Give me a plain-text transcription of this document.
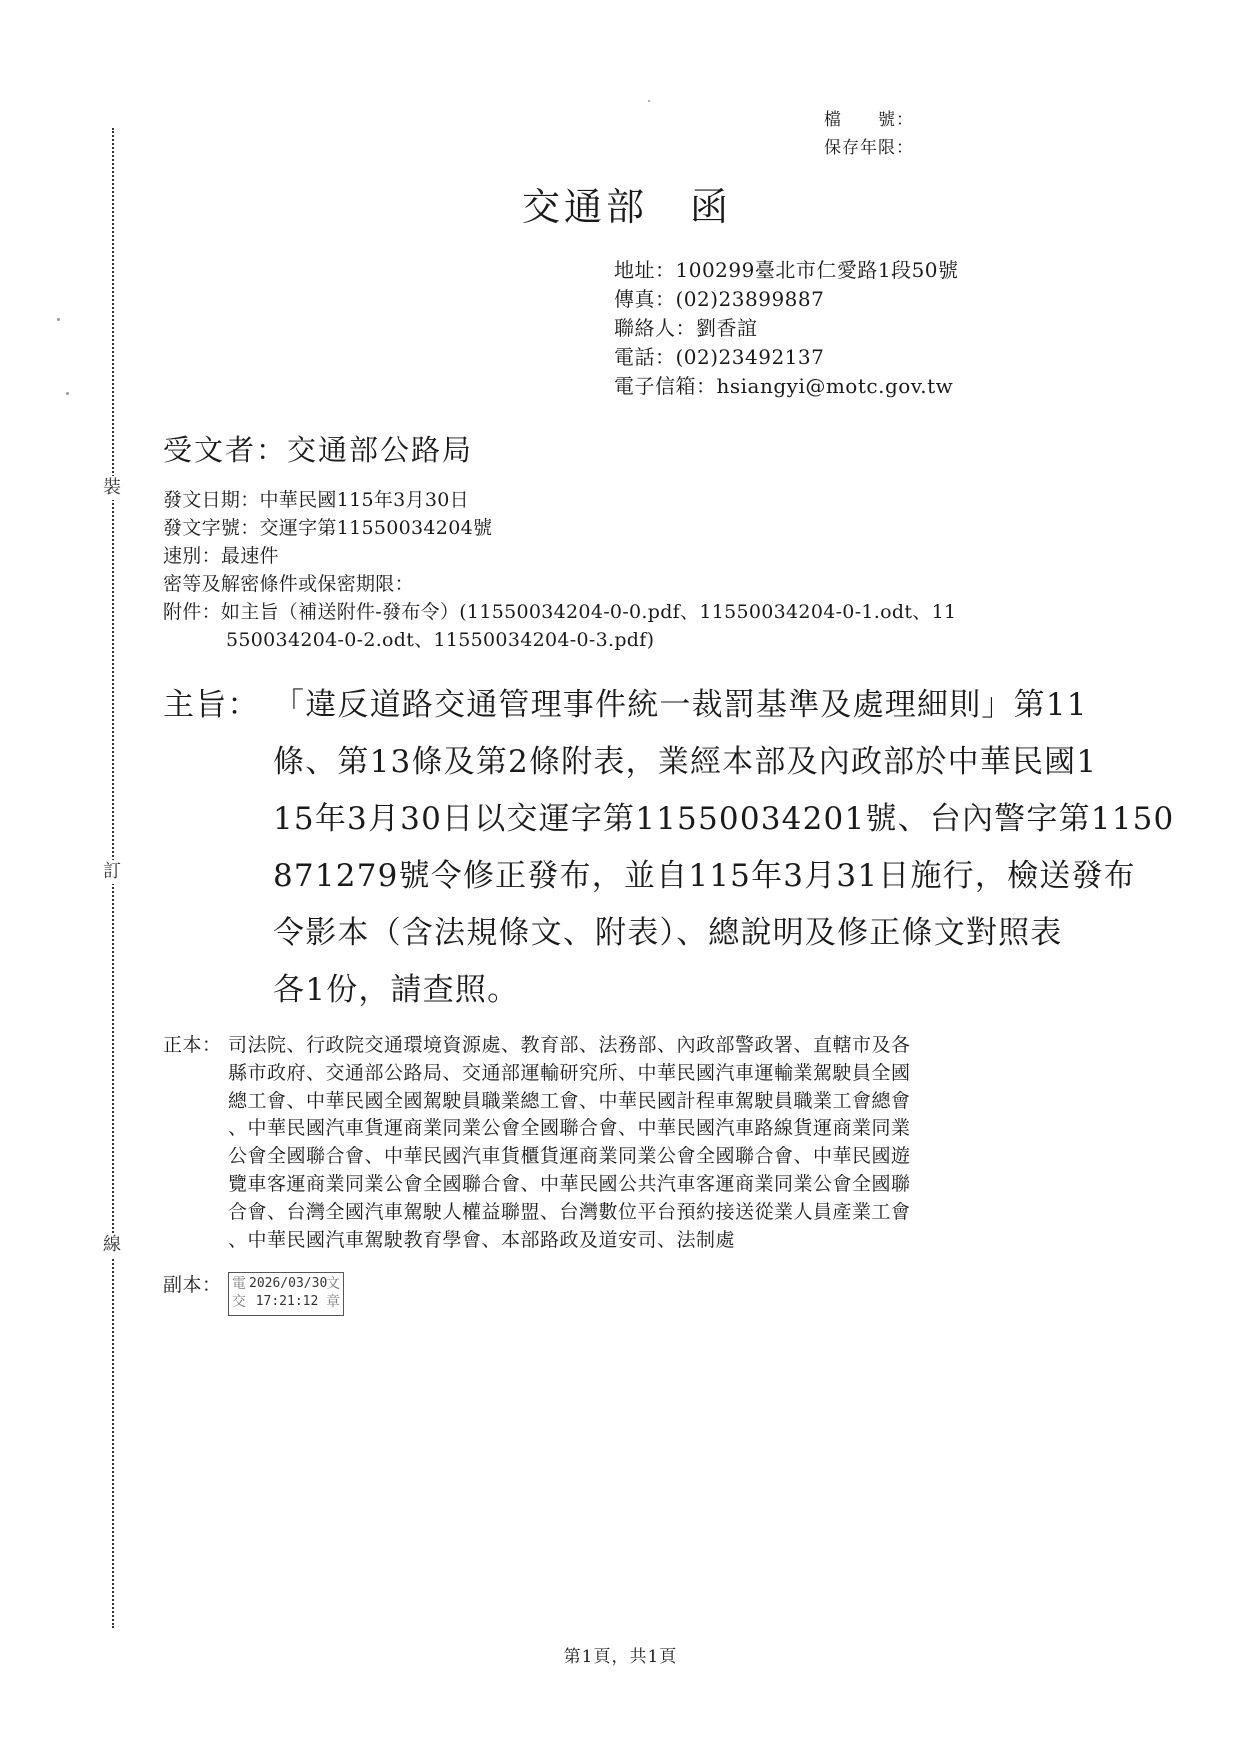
裝
訂
線
檔　　號：
保存年限：
交通部　函
地址：100299臺北市仁愛路1段50號
傳真：(02)23899887
聯絡人：劉香誼
電話：(02)23492137
電子信箱：hsiangyi@motc.gov.tw
受文者：交通部公路局
發文日期：中華民國115年3月30日
發文字號：交運字第11550034204號
速別：最速件
密等及解密條件或保密期限：
附件：如主旨（補送附件-發布令）(11550034204-0-0.pdf、11550034204-0-1.odt、11
550034204-0-2.odt、11550034204-0-3.pdf)
主旨： 「違反道路交通管理事件統一裁罰基準及處理細則」第11
條、第13條及第2條附表，業經本部及內政部於中華民國1
15年3月30日以交運字第11550034201號、台內警字第1150
871279號令修正發布，並自115年3月31日施行，檢送發布
令影本（含法規條文、附表）、總說明及修正條文對照表
各1份，請查照。
正本： 司法院、行政院交通環境資源處、教育部、法務部、內政部警政署、直轄市及各
縣市政府、交通部公路局、交通部運輸研究所、中華民國汽車運輸業駕駛員全國
總工會、中華民國全國駕駛員職業總工會、中華民國計程車駕駛員職業工會總會
、中華民國汽車貨運商業同業公會全國聯合會、中華民國汽車路線貨運商業同業
公會全國聯合會、中華民國汽車貨櫃貨運商業同業公會全國聯合會、中華民國遊
覽車客運商業同業公會全國聯合會、中華民國公共汽車客運商業同業公會全國聯
合會、台灣全國汽車駕駛人權益聯盟、台灣數位平台預約接送從業人員產業工會
、中華民國汽車駕駛教育學會、本部路政及道安司、法制處
副本： 電交
2026/03/30
17:21:12
文章
第1頁，共1頁
